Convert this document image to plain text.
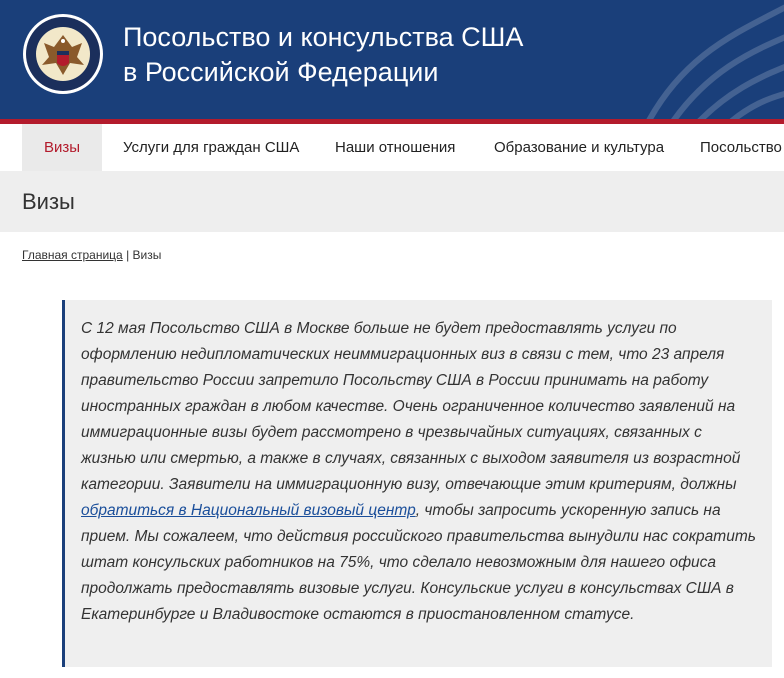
Посольство и консульства США
в Российской Федерации
Визы	Услуги для граждан США Наши отношения	Образование и культура Посольство
Визы
Главная страница | Визы

С 12 мая Посольство США в Москве больше не будет предоставлять услуги по оформлению недипломатических неиммиграционных виз в связи с тем, что 23 апреля правительство России запретило Посольству США в России принимать на работу иностранных граждан в любом качестве. Очень ограниченное количество заявлений на иммиграционные визы будет рассмотрено в чрезвычайных ситуациях, связанных с жизнью или смертью, а также в случаях, связанных с выходом заявителя из возрастной категории. Заявители на иммиграционную визу, отвечающие этим критериям, должны обратиться в Национальный визовый центр, чтобы запросить ускоренную запись на прием. Мы сожалеем, что действия российского правительства вынудили нас сократить штат консульских работников на 75%, что сделало невозможным для нашего офиса продолжать предоставлять визовые услуги. Консульские услуги в консульствах США в Екатеринбурге и Владивостоке остаются в приостановленном статусе.
